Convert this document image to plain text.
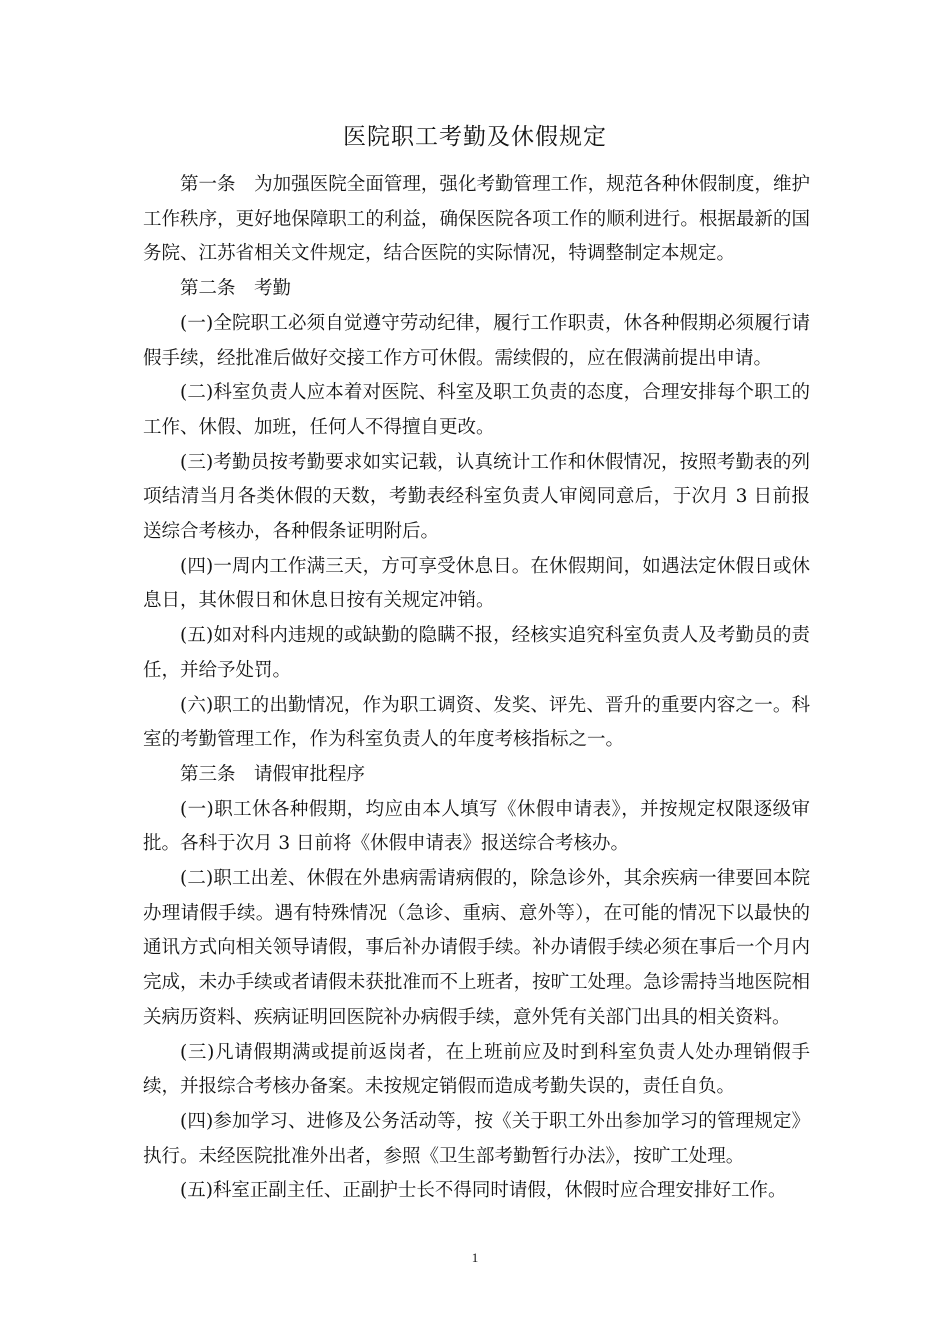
医院职工考勤及休假规定

第一条 为加强医院全面管理，强化考勤管理工作，规范各种休假制度，维护工作秩序，更好地保障职工的利益，确保医院各项工作的顺利进行。根据最新的国务院、江苏省相关文件规定，结合医院的实际情况，特调整制定本规定。

第二条 考勤

(一)全院职工必须自觉遵守劳动纪律，履行工作职责，休各种假期必须履行请假手续，经批准后做好交接工作方可休假。需续假的，应在假满前提出申请。

(二)科室负责人应本着对医院、科室及职工负责的态度，合理安排每个职工的工作、休假、加班，任何人不得擅自更改。

(三)考勤员按考勤要求如实记载，认真统计工作和休假情况，按照考勤表的列项结清当月各类休假的天数，考勤表经科室负责人审阅同意后，于次月 3 日前报送综合考核办，各种假条证明附后。

(四)一周内工作满三天，方可享受休息日。在休假期间，如遇法定休假日或休息日，其休假日和休息日按有关规定冲销。

(五)如对科内违规的或缺勤的隐瞒不报，经核实追究科室负责人及考勤员的责任，并给予处罚。

(六)职工的出勤情况，作为职工调资、发奖、评先、晋升的重要内容之一。科室的考勤管理工作，作为科室负责人的年度考核指标之一。

第三条 请假审批程序

(一)职工休各种假期，均应由本人填写《休假申请表》，并按规定权限逐级审批。各科于次月 3 日前将《休假申请表》报送综合考核办。

(二)职工出差、休假在外患病需请病假的，除急诊外，其余疾病一律要回本院办理请假手续。遇有特殊情况（急诊、重病、意外等），在可能的情况下以最快的通讯方式向相关领导请假，事后补办请假手续。补办请假手续必须在事后一个月内完成，未办手续或者请假未获批准而不上班者，按旷工处理。急诊需持当地医院相关病历资料、疾病证明回医院补办病假手续，意外凭有关部门出具的相关资料。

(三)凡请假期满或提前返岗者，在上班前应及时到科室负责人处办理销假手续，并报综合考核办备案。未按规定销假而造成考勤失误的，责任自负。

(四)参加学习、进修及公务活动等，按《关于职工外出参加学习的管理规定》执行。未经医院批准外出者，参照《卫生部考勤暂行办法》，按旷工处理。

(五)科室正副主任、正副护士长不得同时请假，休假时应合理安排好工作。

1
